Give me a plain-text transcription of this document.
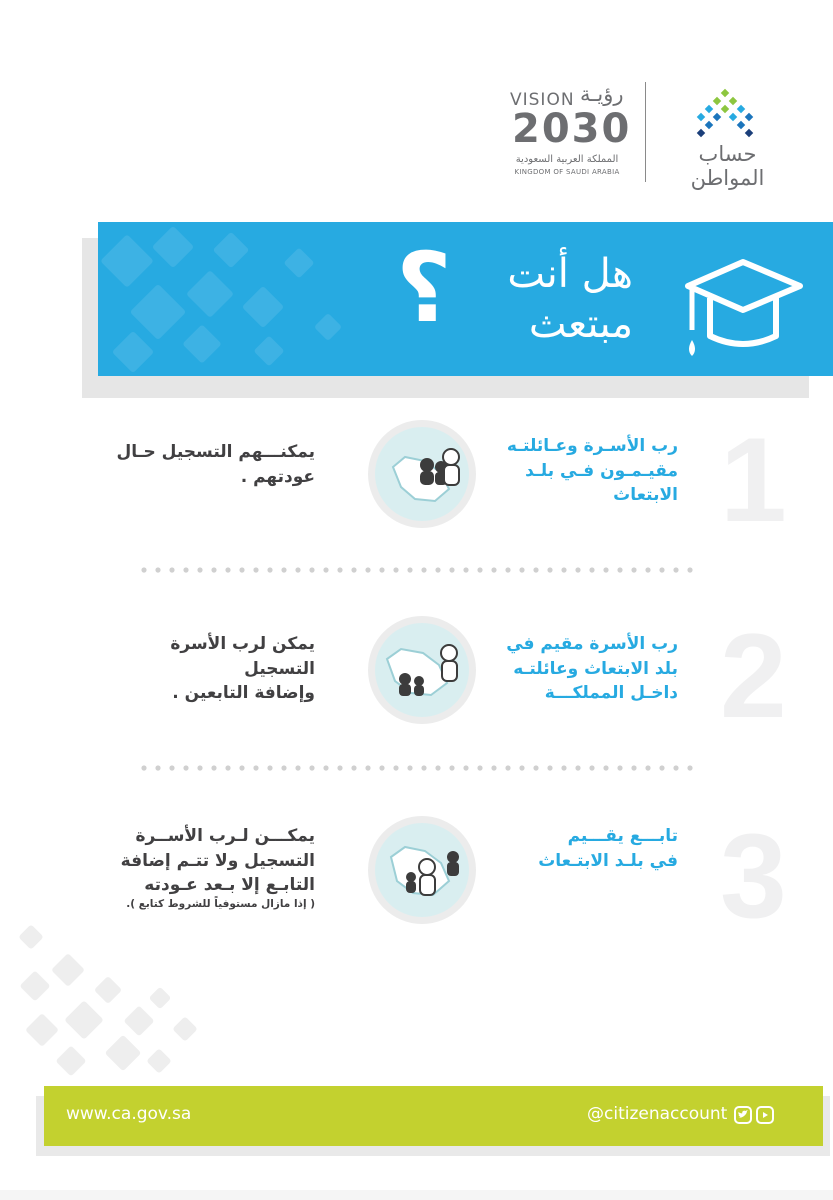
VISION رؤيـة
2030
المملكة العربية السعودية
KINGDOM OF SAUDI ARABIA
حساب المواطن
؟ هل أنت
مبتعث
1
رب الأسـرة وعـائلتـه
مقيـمـون فـي بلـد
الابتعاث
يمكنـــهم التسجيل حـال
عودتهم .
2
رب الأسرة مقيم في
بلد الابتعاث وعائلتـه
داخـل المملكـــة
يمكن لرب الأسرة التسجيل
وإضافة التابعين .
3
تابـــع يقـــيم
في بلـد الابتـعاث
يمكـــن لـرب الأســرة
التسجيل ولا تتـم إضافة
التابـع إلا بـعد عـودته
( إذا مازال مستوفياً للشروط كتابع ).
www.ca.gov.sa	@citizenaccount
